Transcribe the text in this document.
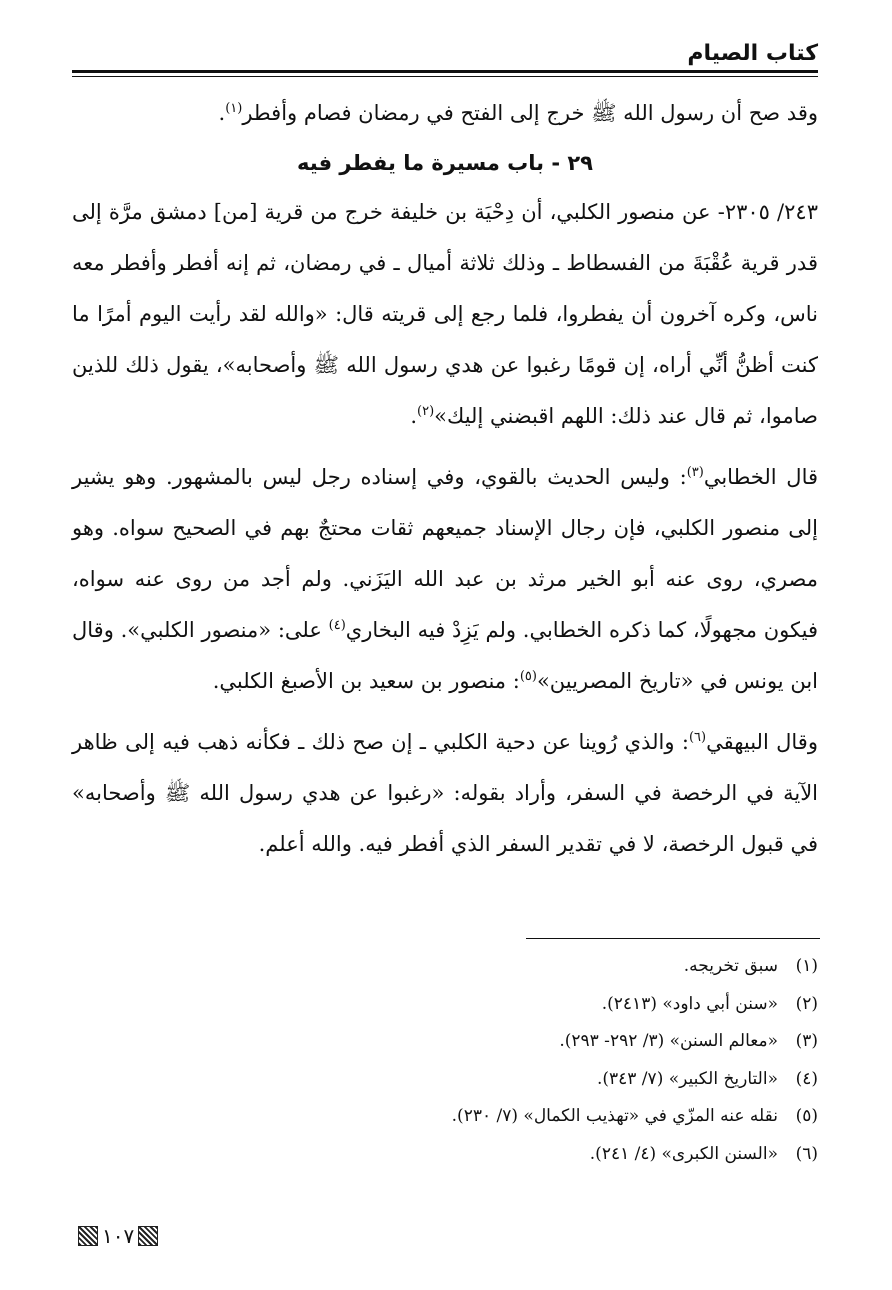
كتاب الصيام

وقد صح أن رسول الله ﷺ خرج إلى الفتح في رمضان فصام وأفطر$^{(١)}$.

٢٩ - باب مسيرة ما يفطر فيه

٢٤٣/ ٢٣٠٥- عن منصور الكلبي، أن دِحْيَة بن خليفة خرج من قرية [من] دمشق مرَّة إلى قدر قرية عُقْبَةَ من الفسطاط ـ وذلك ثلاثة أميال ـ في رمضان، ثم إنه أفطر وأفطر معه ناس، وكره آخرون أن يفطروا، فلما رجع إلى قريته قال: «والله لقد رأيت اليوم أمرًا ما كنت أظنُّ أنِّي أراه، إن قومًا رغبوا عن هدي رسول الله ﷺ وأصحابه»، يقول ذلك للذين صاموا، ثم قال عند ذلك: اللهم اقبضني إليك»$^{(٢)}$.

قال الخطابي$^{(٣)}$: وليس الحديث بالقوي، وفي إسناده رجل ليس بالمشهور. وهو يشير إلى منصور الكلبي، فإن رجال الإسناد جميعهم ثقات محتجٌ بهم في الصحيح سواه. وهو مصري، روى عنه أبو الخير مرثد بن عبد الله اليَزَني. ولم أجد من روى عنه سواه، فيكون مجهولًا، كما ذكره الخطابي. ولم يَزِدْ فيه البخاري$^{(٤)}$ على: «منصور الكلبي». وقال ابن يونس في «تاريخ المصريين»$^{(٥)}$: منصور بن سعيد بن الأصبغ الكلبي.

وقال البيهقي$^{(٦)}$: والذي رُوينا عن دحية الكلبي ـ إن صح ذلك ـ فكأنه ذهب فيه إلى ظاهر الآية في الرخصة في السفر، وأراد بقوله: «رغبوا عن هدي رسول الله ﷺ وأصحابه» في قبول الرخصة، لا في تقدير السفر الذي أفطر فيه. والله أعلم.

(١)سبق تخريجه.

(٢)«سنن أبي داود» (٢٤١٣).

(٣)«معالم السنن» (٣/ ٢٩٢- ٢٩٣).

(٤)«التاريخ الكبير» (٧/ ٣٤٣).

(٥)نقله عنه المزّي في «تهذيب الكمال» (٧/ ٢٣٠).

(٦)«السنن الكبرى» (٤/ ٢٤١).

١٠٧
